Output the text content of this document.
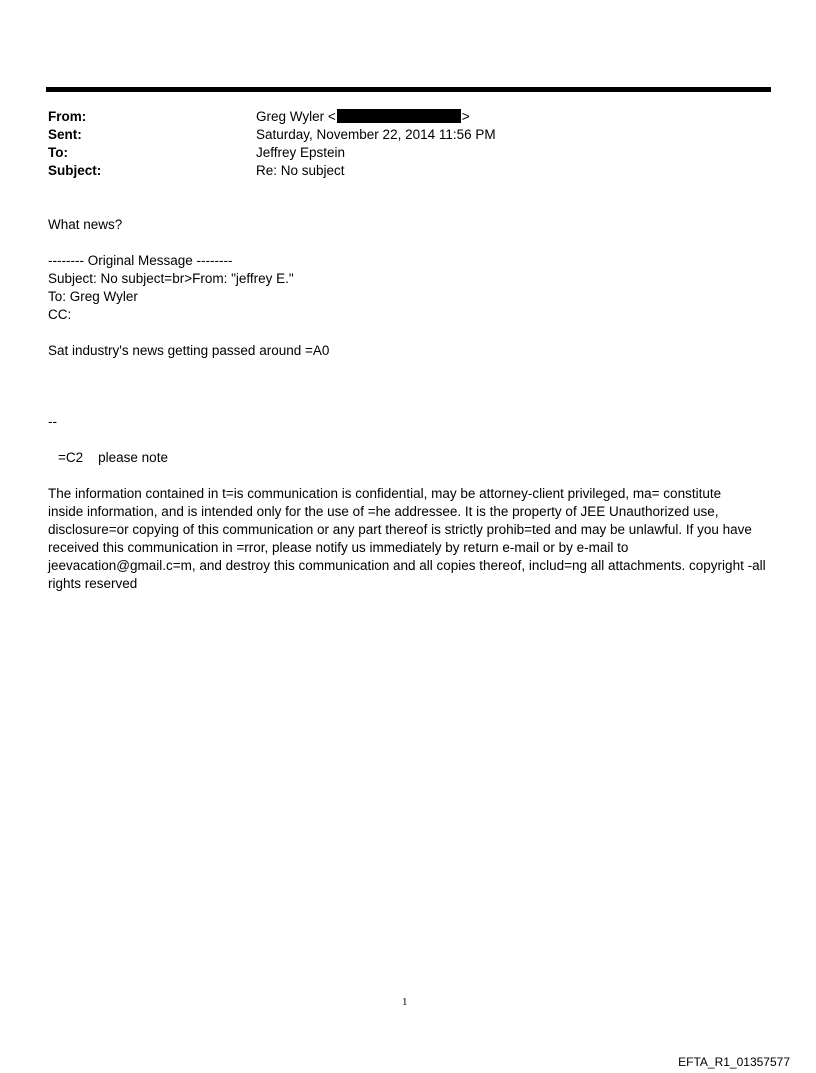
From:	Greg Wyler <	>
Sent:	Saturday, November 22, 2014 11:56 PM
To:	Jeffrey Epstein
Subject:	Re: No subject
What news?
-------- Original Message --------
Subject: No subject=br>From: "jeffrey E."
To: Greg Wyler
CC:
Sat industry's news getting passed around =A0
--
=C2    please note
The information contained in t=is communication is confidential, may be attorney-client privileged, ma= constitute
inside information, and is intended only for the use of =he addressee. It is the property of JEE Unauthorized use,
disclosure=or copying of this communication or any part thereof is strictly prohib=ted and may be unlawful. If you have
received this communication in =rror, please notify us immediately by return e-mail or by e-mail to
jeevacation@gmail.c=m, and destroy this communication and all copies thereof, includ=ng all attachments. copyright -all
rights reserved
1
EFTA_R1_01357577
